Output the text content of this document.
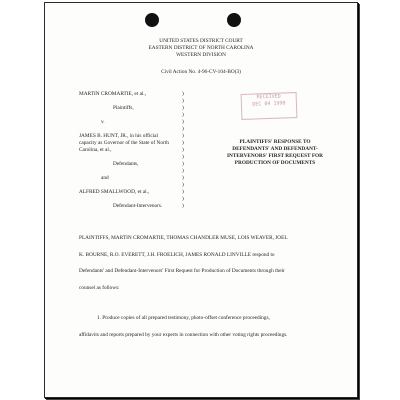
UNITED STATES DISTRICT COURT
EASTERN DISTRICT OF NORTH CAROLINA
WESTERN DIVISION
Civil Action No. 4-96-CV-104-BO(3)
MARTIN CROMARTIE, et al.,
Plaintiffs,
v.
JAMES B. HUNT, JR., in his official
capacity as Governor of the State of North
Carolina, et al.,
Defendants,
and
ALFRED SMALLWOOD, et al.,
Defendant-Intervenors.
)
)
)
)
)
)
)
)
)
)
)
)
)
)
)
)
)
RECEIVED
DEC 04 1998
PLAINTIFFS' RESPONSE TO
DEFENDANTS' AND DEFENDANT-
INTERVENORS' FIRST REQUEST FOR
PRODUCTION OF DOCUMENTS
PLAINTIFFS, MARTIN CROMARTIE, THOMAS CHANDLER MUSE, LOIS WEAVER, JOEL
K. BOURNE, R.O. EVERETT, J.H. FROELICH, JAMES RONALD LINVILLE respond to
Defendants' and Defendant-Intervenors' First Request for Production of Documents through their
counsel as follows:
1. Produce copies of all prepared testimony, photo-offset conference proceedings,
affidavits and reports prepared by your experts in connection with other voting rights proceedings.
